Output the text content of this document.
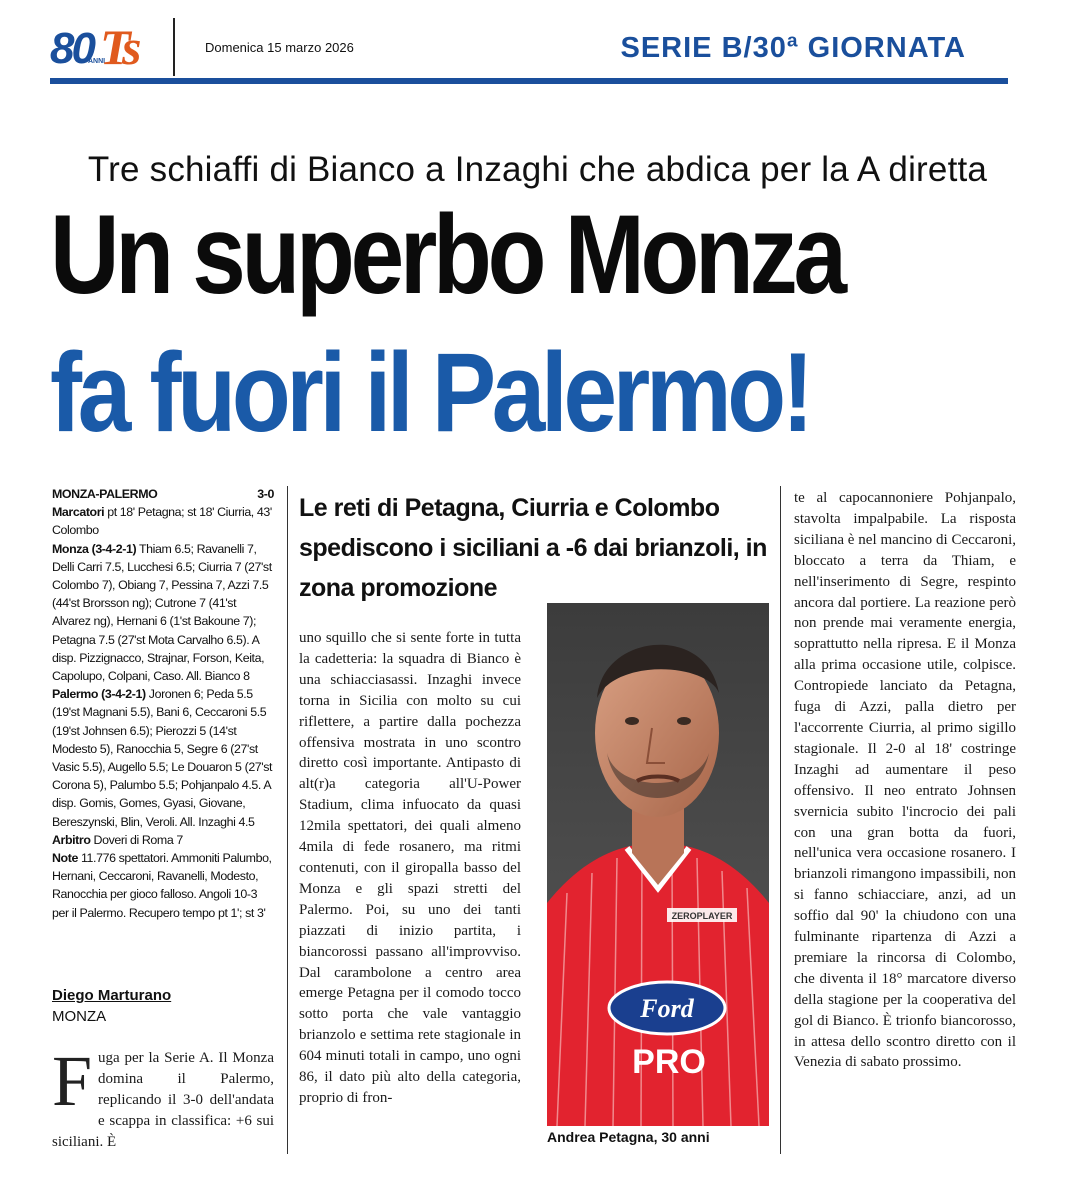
80
ANNI
Ts	Domenica 15 marzo 2026	SERIE B/30ª GIORNATA
Tre schiaffi di Bianco a Inzaghi che abdica per la A diretta
Un superbo Monza
fa fuori il Palermo!
MONZA-PALERMO	3-0

Marcatori pt 18' Petagna; st 18' Ciurria, 43' Colombo

Monza (3-4-2-1) Thiam 6.5; Ravanelli 7, Delli Carri 7.5, Lucchesi 6.5; Ciurria 7 (27'st Colombo 7), Obiang 7, Pessina 7, Azzi 7.5 (44'st Brorsson ng); Cutrone 7 (41'st Alvarez ng), Hernani 6 (1'st Bakoune 7); Petagna 7.5 (27'st Mota Carvalho 6.5). A disp. Pizzignacco, Strajnar, Forson, Keita, Capolupo, Colpani, Caso. All. Bianco 8

Palermo (3-4-2-1) Joronen 6; Peda 5.5 (19'st Magnani 5.5), Bani 6, Ceccaroni 5.5 (19'st Johnsen 6.5); Pierozzi 5 (14'st Modesto 5), Ranocchia 5, Segre 6 (27'st Vasic 5.5), Augello 5.5; Le Douaron 5 (27'st Corona 5), Palumbo 5.5; Pohjanpalo 4.5. A disp. Gomis, Gomes, Gyasi, Giovane, Bereszynski, Blin, Veroli. All. Inzaghi 4.5

Arbitro Doveri di Roma 7

Note 11.776 spettatori. Ammoniti Palumbo, Hernani, Ceccaroni, Ravanelli, Modesto, Ranocchia per gioco falloso. Angoli 10-3 per il Palermo. Recupero tempo pt 1'; st 3'

Diego Marturano
MONZA
Fuga per la Serie A. Il Monza domina il Palermo, replicando il 3-0 dell'andata e scappa in classifica: +6 sui siciliani. È
Le reti di Petagna, Ciurria e Colombo spediscono i siciliani a -6 dai brianzoli, in zona promozione
uno squillo che si sente forte in tutta la cadetteria: la squadra di Bianco è una schiacciasassi. Inzaghi invece torna in Sicilia con molto su cui riflettere, a partire dalla pochezza offensiva mostrata in uno scontro diretto così importante. Antipasto di alt(r)a categoria all'U-Power Stadium, clima infuocato da quasi 12mila spettatori, dei quali almeno 4mila di fede rosanero, ma ritmi contenuti, con il giropalla basso del Monza e gli spazi stretti del Palermo. Poi, su uno dei tanti piazzati di inizio partita, i biancorossi passano all'improvviso. Dal carambolone a centro area emerge Petagna per il comodo tocco sotto porta che vale vantaggio brianzolo e settima rete stagionale in 604 minuti totali in campo, uno ogni 86, il dato più alto della categoria, proprio di fron-
ZEROPLAYER
Ford
PRO
Andrea Petagna, 30 anni
te al capocannoniere Pohjanpalo, stavolta impalpabile. La risposta siciliana è nel mancino di Ceccaroni, bloccato a terra da Thiam, e nell'inserimento di Segre, respinto ancora dal portiere. La reazione però non prende mai veramente energia, soprattutto nella ripresa. E il Monza alla prima occasione utile, colpisce. Contropiede lanciato da Petagna, fuga di Azzi, palla dietro per l'accorrente Ciurria, al primo sigillo stagionale. Il 2-0 al 18' costringe Inzaghi ad aumentare il peso offensivo. Il neo entrato Johnsen svernicia subito l'incrocio dei pali con una gran botta da fuori, nell'unica vera occasione rosanero. I brianzoli rimangono impassibili, non si fanno schiacciare, anzi, ad un soffio dal 90' la chiudono con una fulminante ripartenza di Azzi a premiare la rincorsa di Colombo, che diventa il 18° marcatore diverso della stagione per la cooperativa del gol di Bianco. È trionfo biancorosso, in attesa dello scontro diretto con il Venezia di sabato prossimo.
